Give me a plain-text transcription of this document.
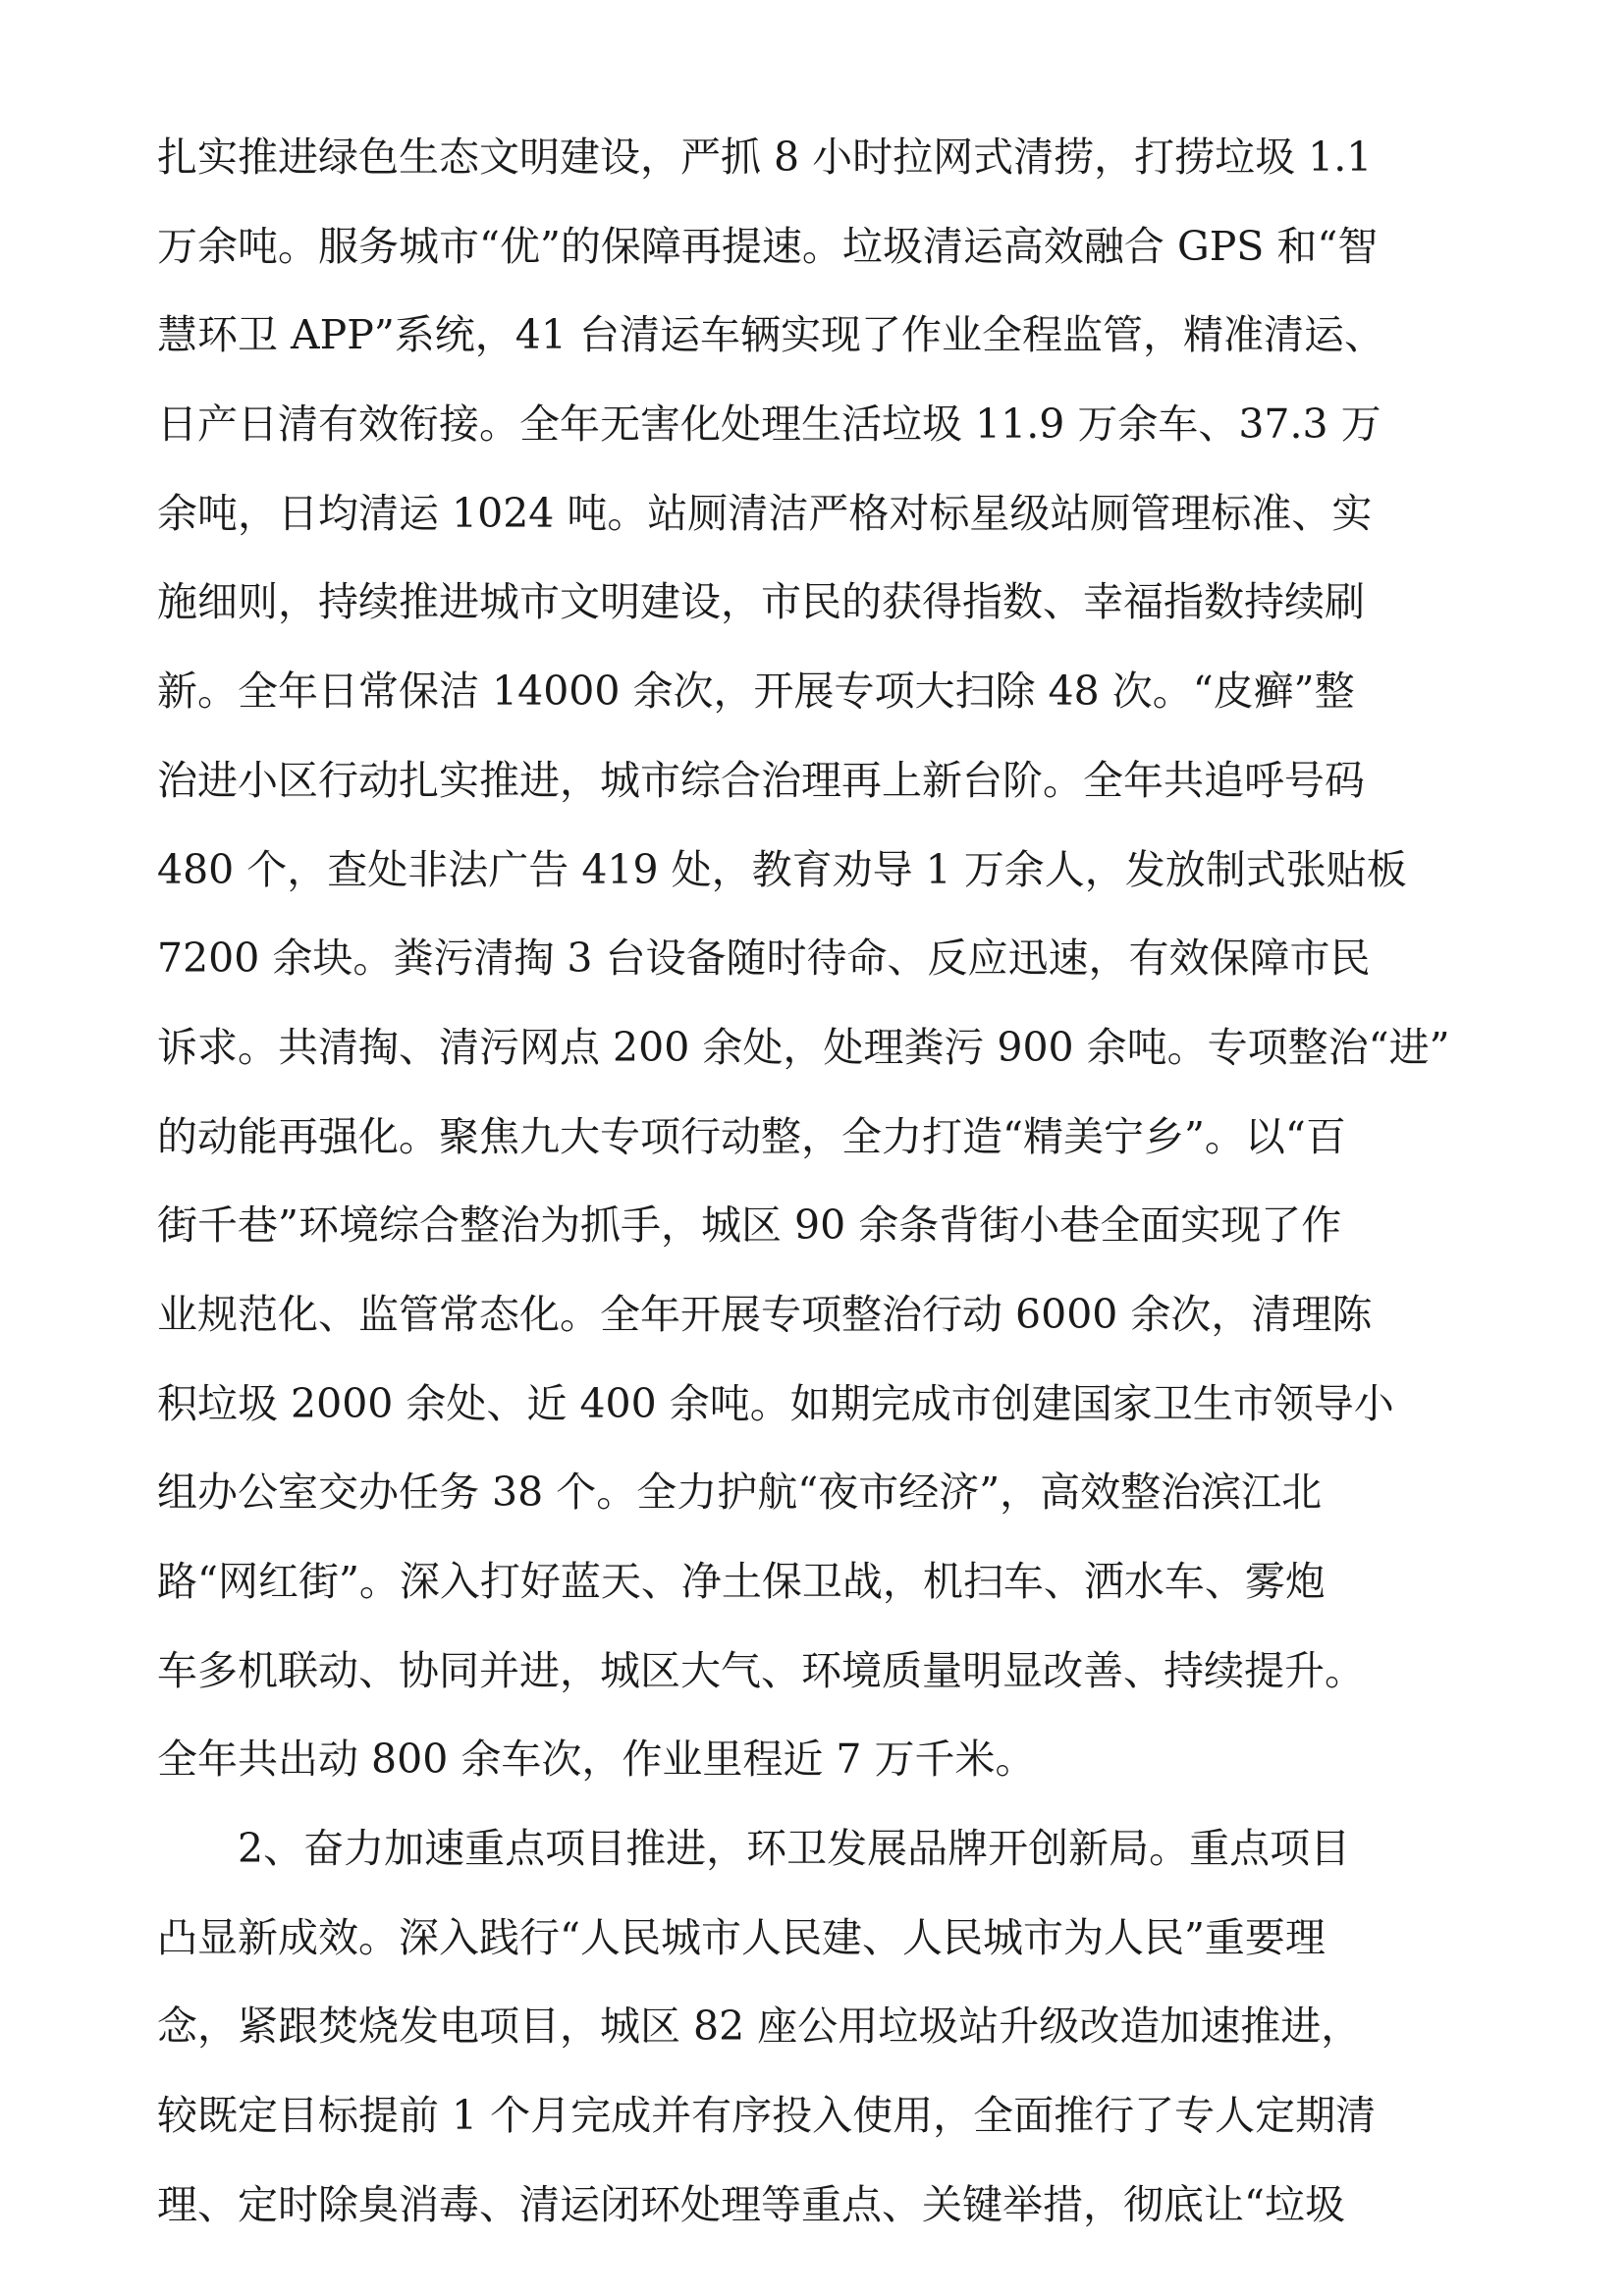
扎实推进绿色生态文明建设，严抓 8 小时拉网式清捞，打捞垃圾 1.1
万余吨。服务城市“优”的保障再提速。垃圾清运高效融合 GPS 和“智
慧环卫 APP”系统，41 台清运车辆实现了作业全程监管，精准清运、
日产日清有效衔接。全年无害化处理生活垃圾 11.9 万余车、37.3 万
余吨，日均清运 1024 吨。站厕清洁严格对标星级站厕管理标准、实
施细则，持续推进城市文明建设，市民的获得指数、幸福指数持续刷
新。全年日常保洁 14000 余次，开展专项大扫除 48 次。“皮癣”整
治进小区行动扎实推进，城市综合治理再上新台阶。全年共追呼号码
480 个，查处非法广告 419 处，教育劝导 1 万余人，发放制式张贴板
7200 余块。粪污清掏 3 台设备随时待命、反应迅速，有效保障市民
诉求。共清掏、清污网点 200 余处，处理粪污 900 余吨。专项整治“进”
的动能再强化。聚焦九大专项行动整，全力打造“精美宁乡”。以“百
街千巷”环境综合整治为抓手，城区 90 余条背街小巷全面实现了作
业规范化、监管常态化。全年开展专项整治行动 6000 余次，清理陈
积垃圾 2000 余处、近 400 余吨。如期完成市创建国家卫生市领导小
组办公室交办任务 38 个。全力护航“夜市经济”，高效整治滨江北
路“网红街”。深入打好蓝天、净土保卫战，机扫车、洒水车、雾炮
车多机联动、协同并进，城区大气、环境质量明显改善、持续提升。
全年共出动 800 余车次，作业里程近 7 万千米。
2、奋力加速重点项目推进，环卫发展品牌开创新局。重点项目
凸显新成效。深入践行“人民城市人民建、人民城市为人民”重要理
念，紧跟焚烧发电项目，城区 82 座公用垃圾站升级改造加速推进，
较既定目标提前 1 个月完成并有序投入使用，全面推行了专人定期清
理、定时除臭消毒、清运闭环处理等重点、关键举措，彻底让“垃圾
